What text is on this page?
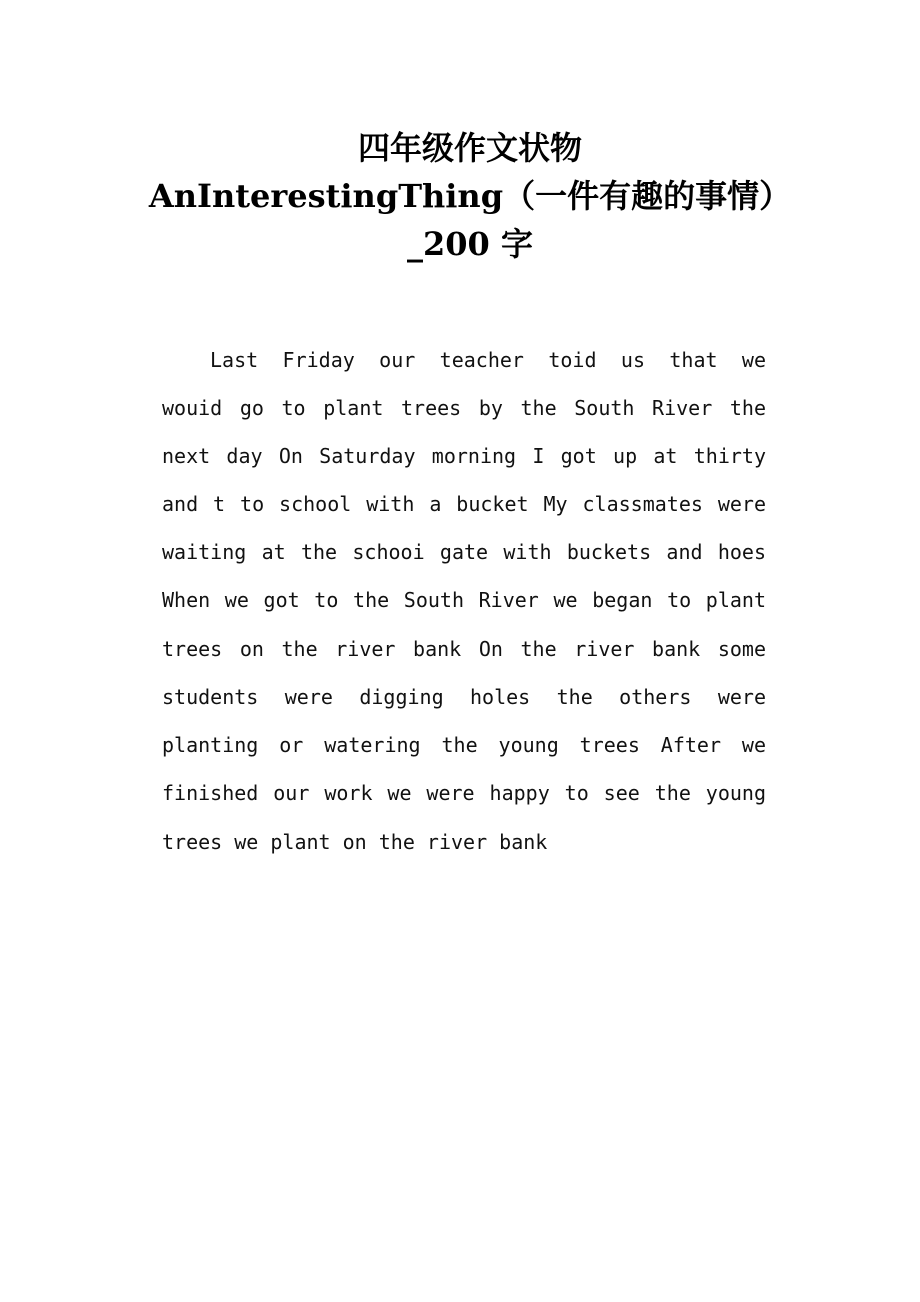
四年级作文状物
AnInterestingThing（一件有趣的事情）
_200 字
Last Friday our teacher toid us that we
wouid go to plant trees by the South River the
next day On Saturday morning I got up at thirty
and t to school with a bucket My classmates were
waiting at the schooi gate with buckets and hoes
When we got to the South River we began to plant
trees on the river bank On the river bank some
students were digging holes the others were
planting or watering the young trees After we
finished our work we were happy to see the young
trees we plant on the river bank
